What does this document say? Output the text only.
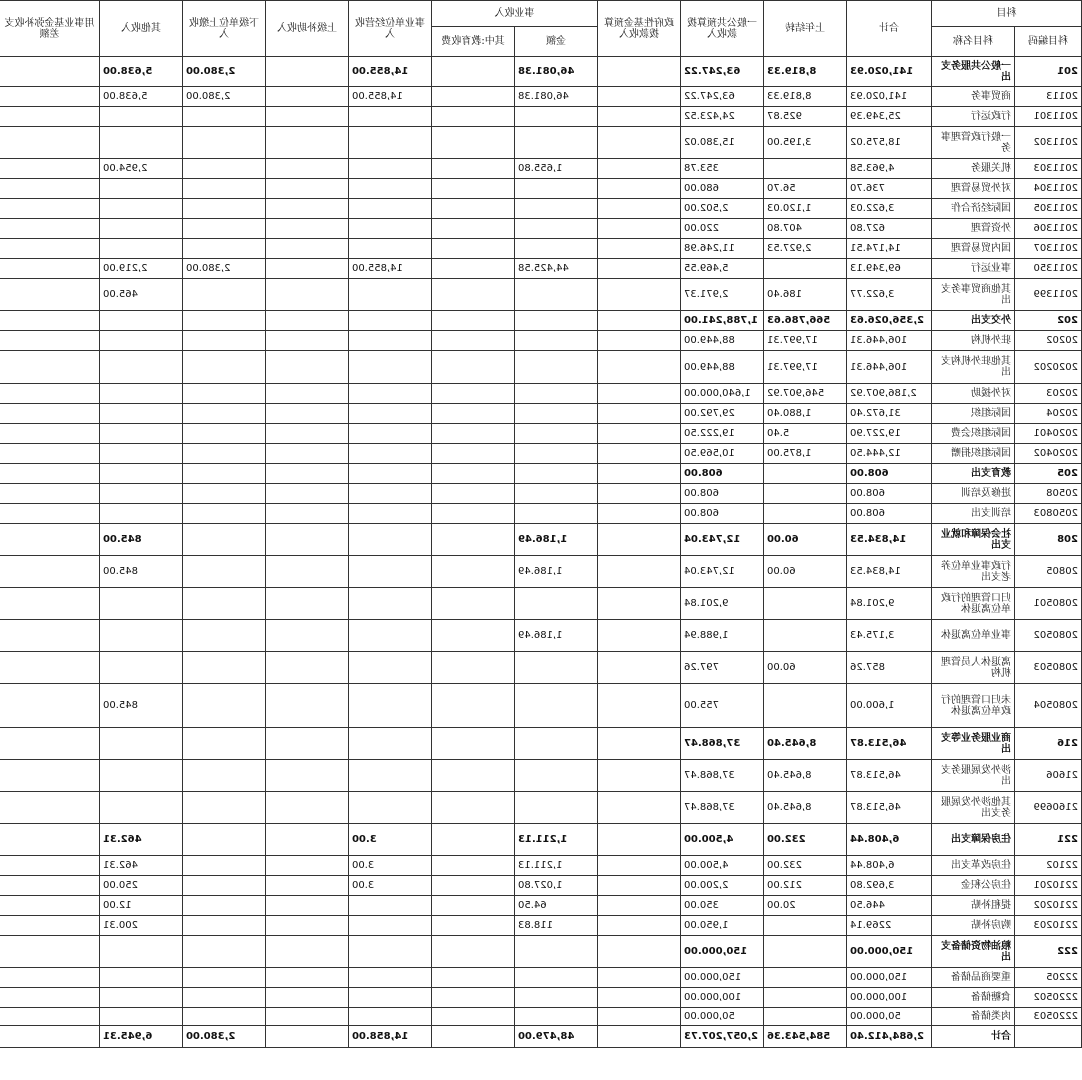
科目		合计	上年结转	一般公共预算拨款收入	政府性基金预算拨款收入	事业收入		事业单位经营收入	上级补助收入	下级单位上缴收入	其他收入	用事业基金弥补收支差额
科目编码	科目名称					金额	其中:教育收费					
201	一般公共服务支出	141,020.93	8,819.33	63,247.22		46,081.38		14,855.00		2,380.00	5,638.00	
20113	商贸事务	141,020.93	8,819.33	63,247.22		46,081.38		14,855.00		2,380.00	5,638.00	
2011301	行政运行	25,349.39	925.87	24,423.52								
2011302	一般行政管理事务	18,575.02	3,195.00	15,380.02								
2011303	机关服务	4,963.58		353.78		1,655.80					2,954.00	
2011304	对外贸易管理	736.70	56.70	680.00								
2011305	国际经济合作	3,622.03	1,120.03	2,502.00								
2011306	外资管理	627.80	407.80	220.00								
2011307	国内贸易管理	14,174.51	2,927.53	11,246.98								
2011350	事业运行	69,349.13		5,469.55		44,425.58		14,855.00		2,380.00	2,219.00	
2011399	其他商贸事务支出	3,622.77	186.40	2,971.37							465.00	
202	外交支出	2,356,026.63	566,786.63	1,788,241.00								
20202	驻外机构	106,446.31	17,997.31	88,449.00								
2020202	其他驻外机构支出	106,446.31	17,997.31	88,449.00								
20203	对外援助	2,186,907.92	546,907.92	1,640,000.00								
20204	国际组织	31,672.40	1,880.40	29,792.00								
2020401	国际组织会费	19,227.90	5.40	19,222.50								
2020402	国际组织捐赠	12,444.50	1,875.00	10,569.50								
205	教育支出	608.00		608.00								
20508	进修及培训	608.00		608.00								
2050803	培训支出	608.00		608.00								
208	社会保障和就业支出	14,834.53	60.00	12,743.04		1,186.49					845.00	
20805	行政事业单位养老支出	14,834.53	60.00	12,743.04		1,186.49					845.00	
2080501	归口管理的行政单位离退休	9,201.84		9,201.84								
2080502	事业单位离退休	3,175.43		1,988.94		1,186.49						
2080503	离退休人员管理机构	857.26	60.00	797.26								
2080504	未归口管理的行政单位离退休	1,600.00		755.00							845.00	
216	商业服务业等支出	46,513.87	8,645.40	37,868.47								
21606	涉外发展服务支出	46,513.87	8,645.40	37,868.47								
2160699	其他涉外发展服务支出	46,513.87	8,645.40	37,868.47								
221	住房保障支出	6,408.44	232.00	4,500.00		1,211.13		3.00			462.31	
22102	住房改革支出	6,408.44	232.00	4,500.00		1,211.13		3.00			462.31	
2210201	住房公积金	3,692.80	212.00	2,200.00		1,027.80		3.00			250.00	
2210202	提租补贴	446.50	20.00	350.00		64.50					12.00	
2210203	购房补贴	2269.14		1,950.00		118.83					200.31	
222	粮油物资储备支出	150,000.00		150,000.00								
22205	重要商品储备	150,000.00		150,000.00								
2220502	食糖储备	100,000.00		100,000.00								
2220503	肉类储备	50,000.00		50,000.00								
	合计	2,684,412.40	584,543.36	2,057,207.73		48,479.00		14,858.00		2,380.00	6,945.31	
